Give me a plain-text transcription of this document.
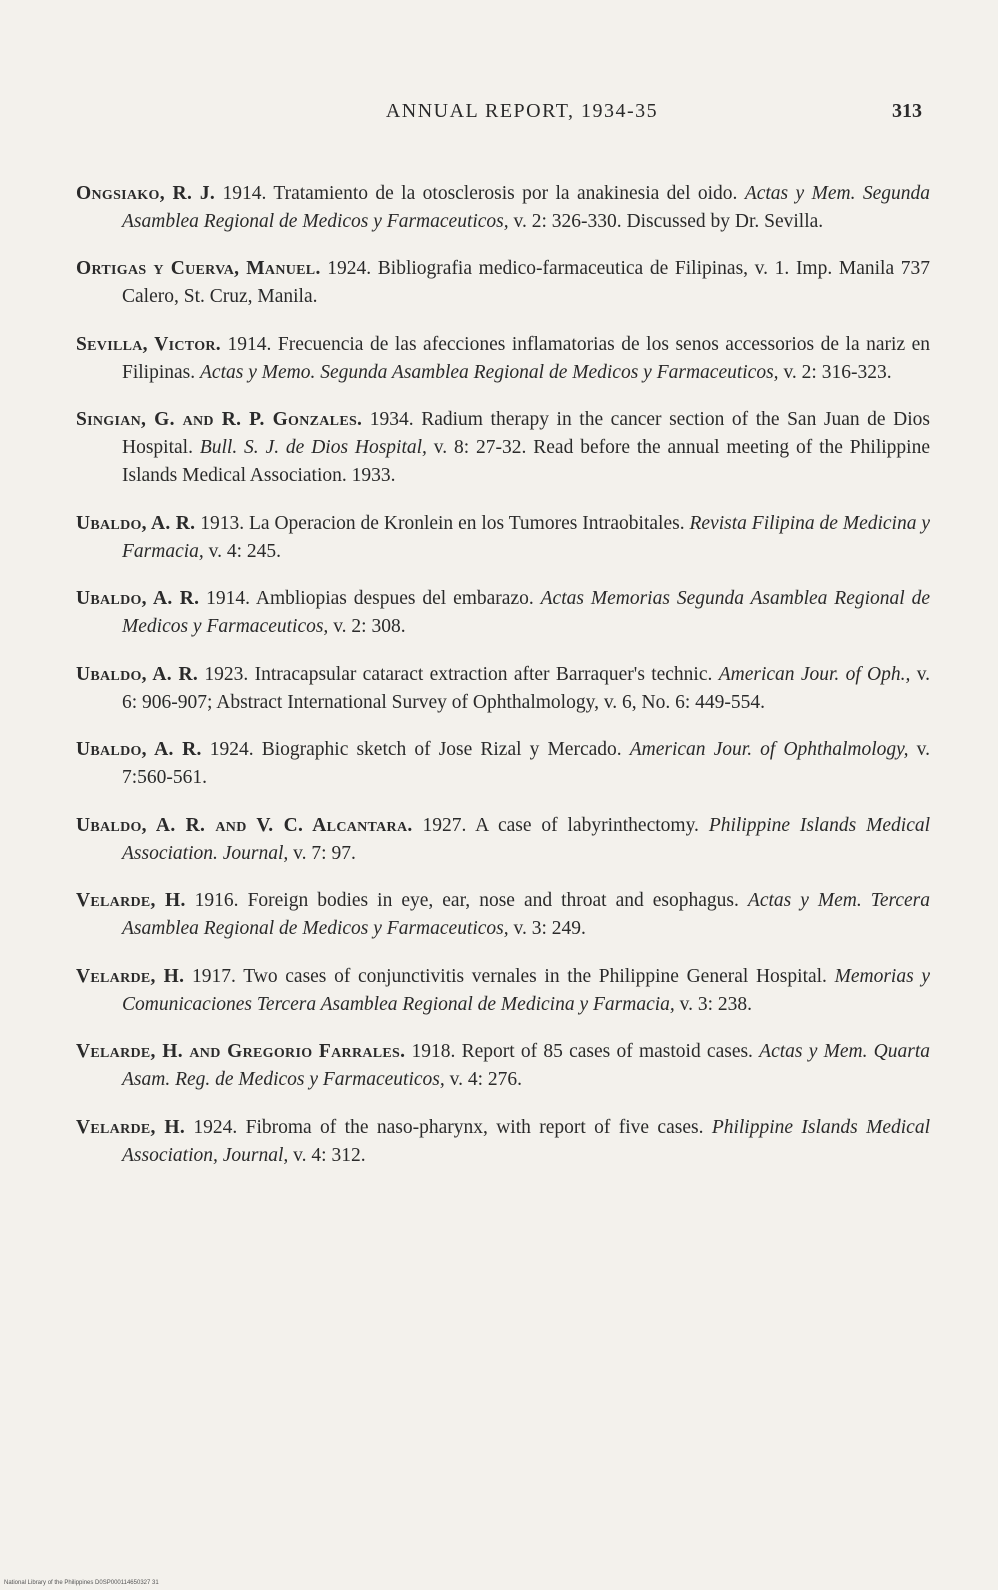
ANNUAL REPORT, 1934-35	313

Ongsiako, R. J. 1914. Tratamiento de la otosclerosis por la anakinesia del oido. Actas y Mem. Segunda Asamblea Regional de Medicos y Farmaceuticos, v. 2: 326-330. Discussed by Dr. Sevilla.

Ortigas y Cuerva, Manuel. 1924. Bibliografia medico-farmaceutica de Filipinas, v. 1. Imp. Manila 737 Calero, St. Cruz, Manila.

Sevilla, Victor. 1914. Frecuencia de las afecciones inflamatorias de los senos accessorios de la nariz en Filipinas. Actas y Memo. Segunda Asamblea Regional de Medicos y Farmaceuticos, v. 2: 316-323.

Singian, G. and R. P. Gonzales. 1934. Radium therapy in the cancer section of the San Juan de Dios Hospital. Bull. S. J. de Dios Hospital, v. 8: 27-32. Read before the annual meeting of the Philippine Islands Medical Association. 1933.

Ubaldo, A. R. 1913. La Operacion de Kronlein en los Tumores Intraobitales. Revista Filipina de Medicina y Farmacia, v. 4: 245.

Ubaldo, A. R. 1914. Ambliopias despues del embarazo. Actas Memorias Segunda Asamblea Regional de Medicos y Farmaceuticos, v. 2: 308.

Ubaldo, A. R. 1923. Intracapsular cataract extraction after Barraquer's technic. American Jour. of Oph., v. 6: 906-907; Abstract International Survey of Ophthalmology, v. 6, No. 6: 449-554.

Ubaldo, A. R. 1924. Biographic sketch of Jose Rizal y Mercado. American Jour. of Ophthalmology, v. 7:560-561.

Ubaldo, A. R. and V. C. Alcantara. 1927. A case of labyrinthectomy. Philippine Islands Medical Association. Journal, v. 7: 97.

Velarde, H. 1916. Foreign bodies in eye, ear, nose and throat and esophagus. Actas y Mem. Tercera Asamblea Regional de Medicos y Farmaceuticos, v. 3: 249.

Velarde, H. 1917. Two cases of conjunctivitis vernales in the Philippine General Hospital. Memorias y Comunicaciones Tercera Asamblea Regional de Medicina y Farmacia, v. 3: 238.

Velarde, H. and Gregorio Farrales. 1918. Report of 85 cases of mastoid cases. Actas y Mem. Quarta Asam. Reg. de Medicos y Farmaceuticos, v. 4: 276.

Velarde, H. 1924. Fibroma of the naso-pharynx, with report of five cases. Philippine Islands Medical Association, Journal, v. 4: 312.

National Library of the Philippines D0SP000114650327 31
